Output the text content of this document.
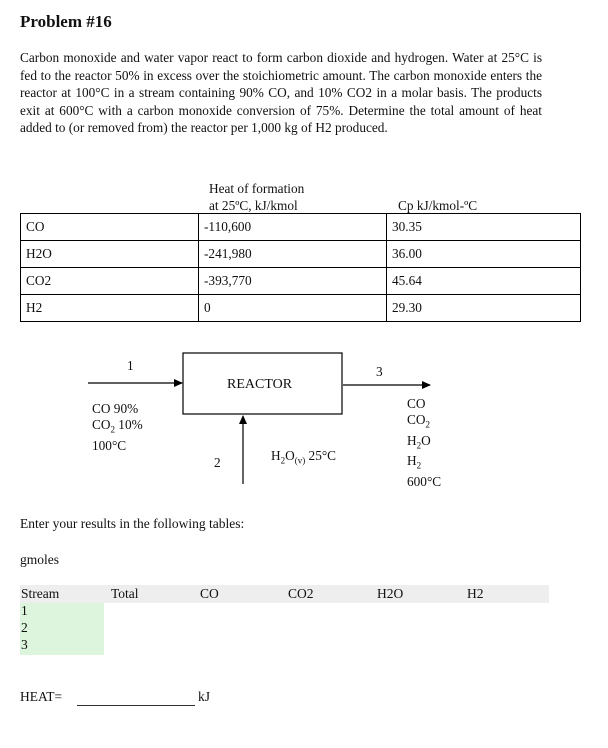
Problem #16

Carbon monoxide and water vapor react to form carbon dioxide and hydrogen. Water at 25°C is fed to the reactor 50% in excess over the stoichiometric amount. The carbon monoxide enters the reactor at 100°C in a stream containing 90% CO, and 10% CO2 in a molar basis. The products exit at 600°C with a carbon monoxide conversion of 75%. Determine the total amount of heat added to (or removed from) the reactor per 1,000 kg of H2 produced.

Heat of formation
at 25ºC, kJ/kmol	Cp kJ/kmol-ºC
CO	-110,600	30.35
H2O	-241,980	36.00
CO2	-393,770	45.64
H2	0	29.30
REACTOR
1
CO 90%
$CO_2$ 10%
100°C
2	$H_2O_{(v)}$ 25°C
3
CO
$CO_2$
$H_2O$
$H_2$
600°C
Enter your results in the following tables:
gmoles
Stream	Total	CO	CO2	H2O	H2
1
2
3
HEAT=	kJ
